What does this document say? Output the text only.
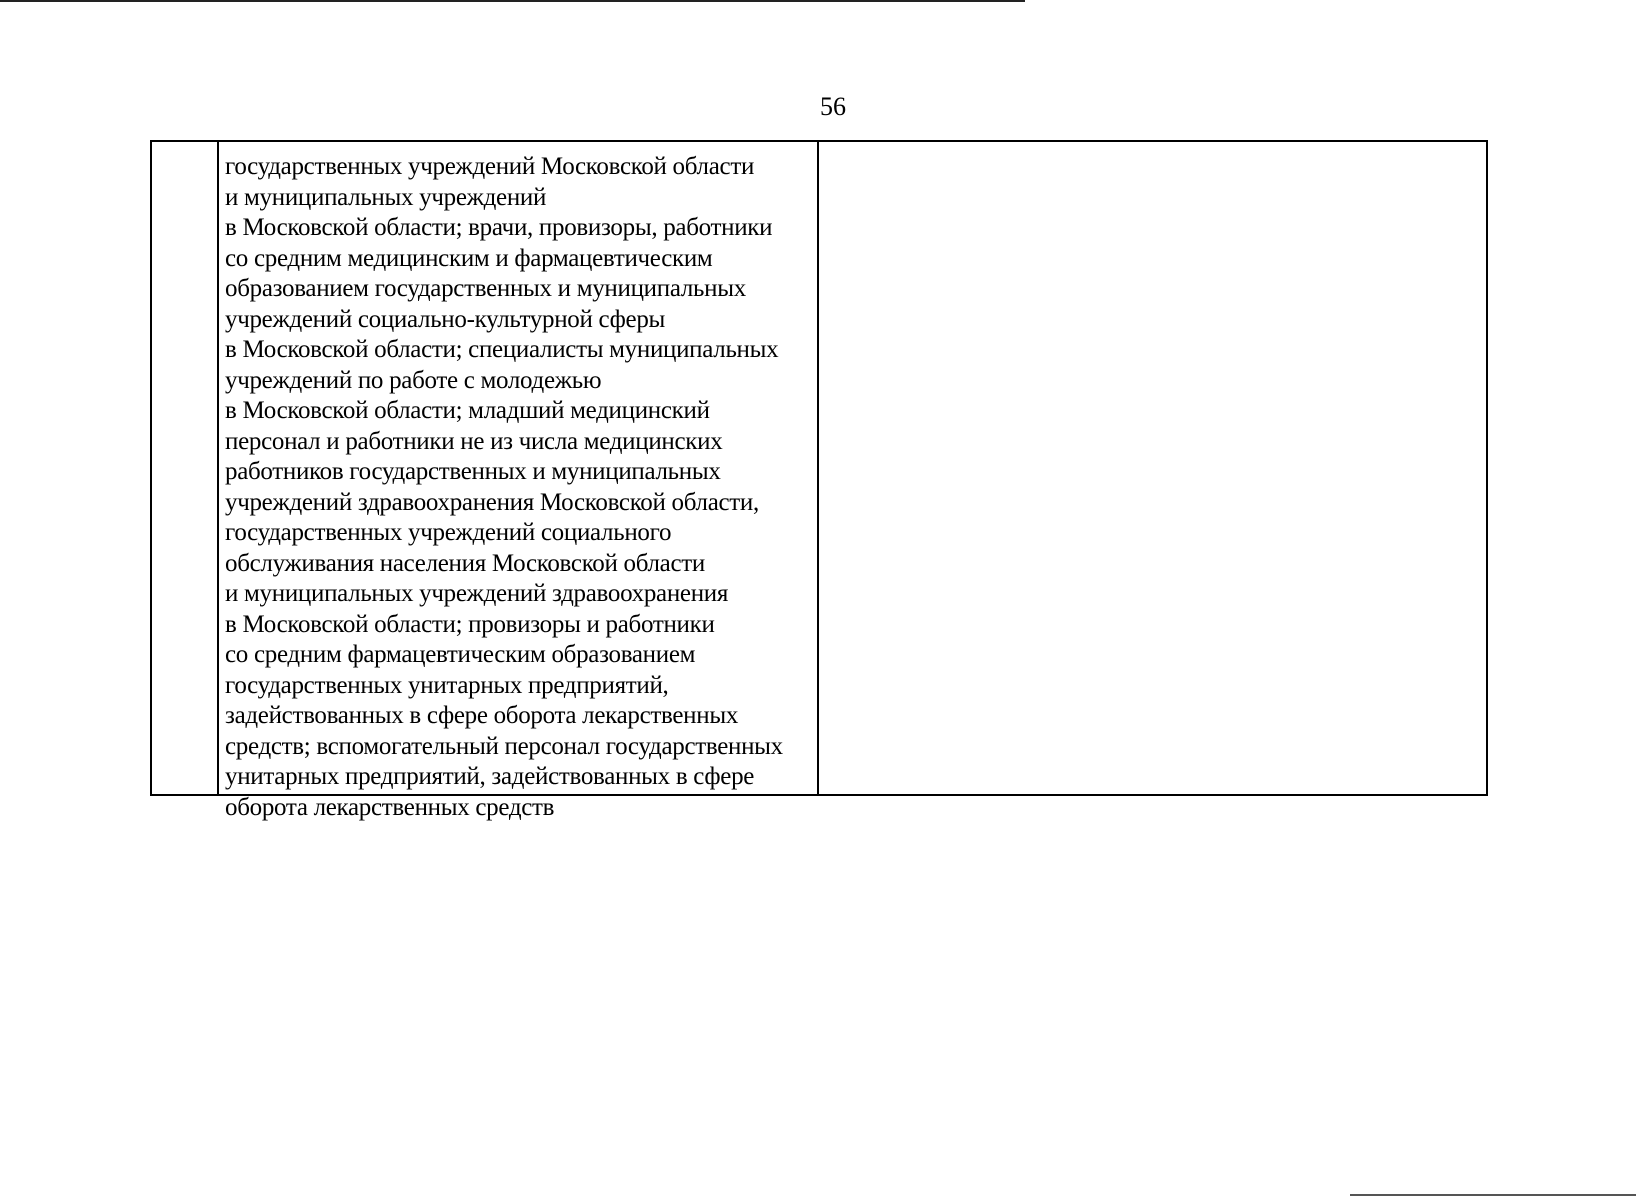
56

государственных учреждений Московской области
и муниципальных учреждений
в Московской области; врачи, провизоры, работники
со средним медицинским и фармацевтическим
образованием государственных и муниципальных
учреждений социально-культурной сферы
в Московской области; специалисты муниципальных
учреждений по работе с молодежью
в Московской области; младший медицинский
персонал и работники не из числа медицинских
работников государственных и муниципальных
учреждений здравоохранения Московской области,
государственных учреждений социального
обслуживания населения Московской области
и муниципальных учреждений здравоохранения
в Московской области; провизоры и работники
со средним фармацевтическим образованием
государственных унитарных предприятий,
задействованных в сфере оборота лекарственных
средств; вспомогательный персонал государственных
унитарных предприятий, задействованных в сфере
оборота лекарственных средств
